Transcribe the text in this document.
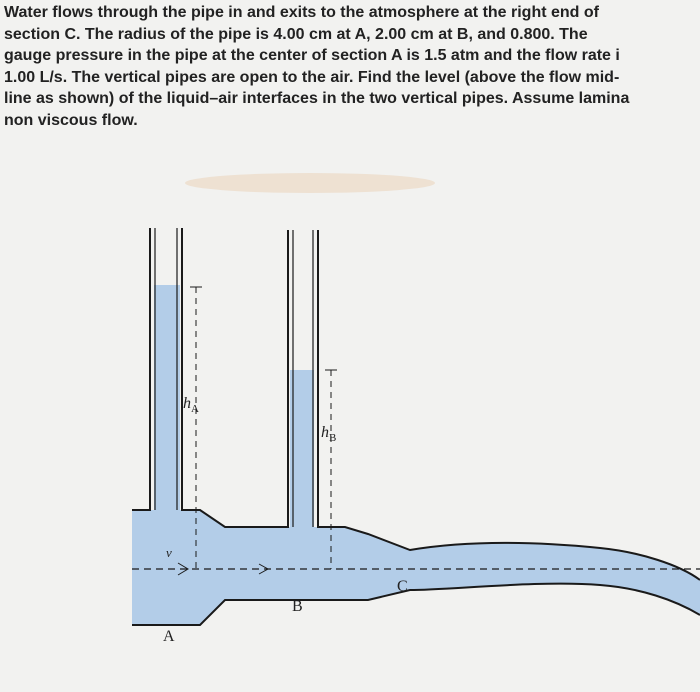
Water flows through the pipe in and exits to the atmosphere at the right end of
section C. The radius of the pipe is 4.00 cm at A, 2.00 cm at B, and 0.800. The
gauge pressure in the pipe at the center of section A is 1.5 atm and the flow rate i
1.00 L/s. The vertical pipes are open to the air. Find the level (above the flow mid-
line as shown) of the liquid–air interfaces in the two vertical pipes. Assume lamina
non viscous flow.

$h_A$
$h_B$
v
A
B
C
